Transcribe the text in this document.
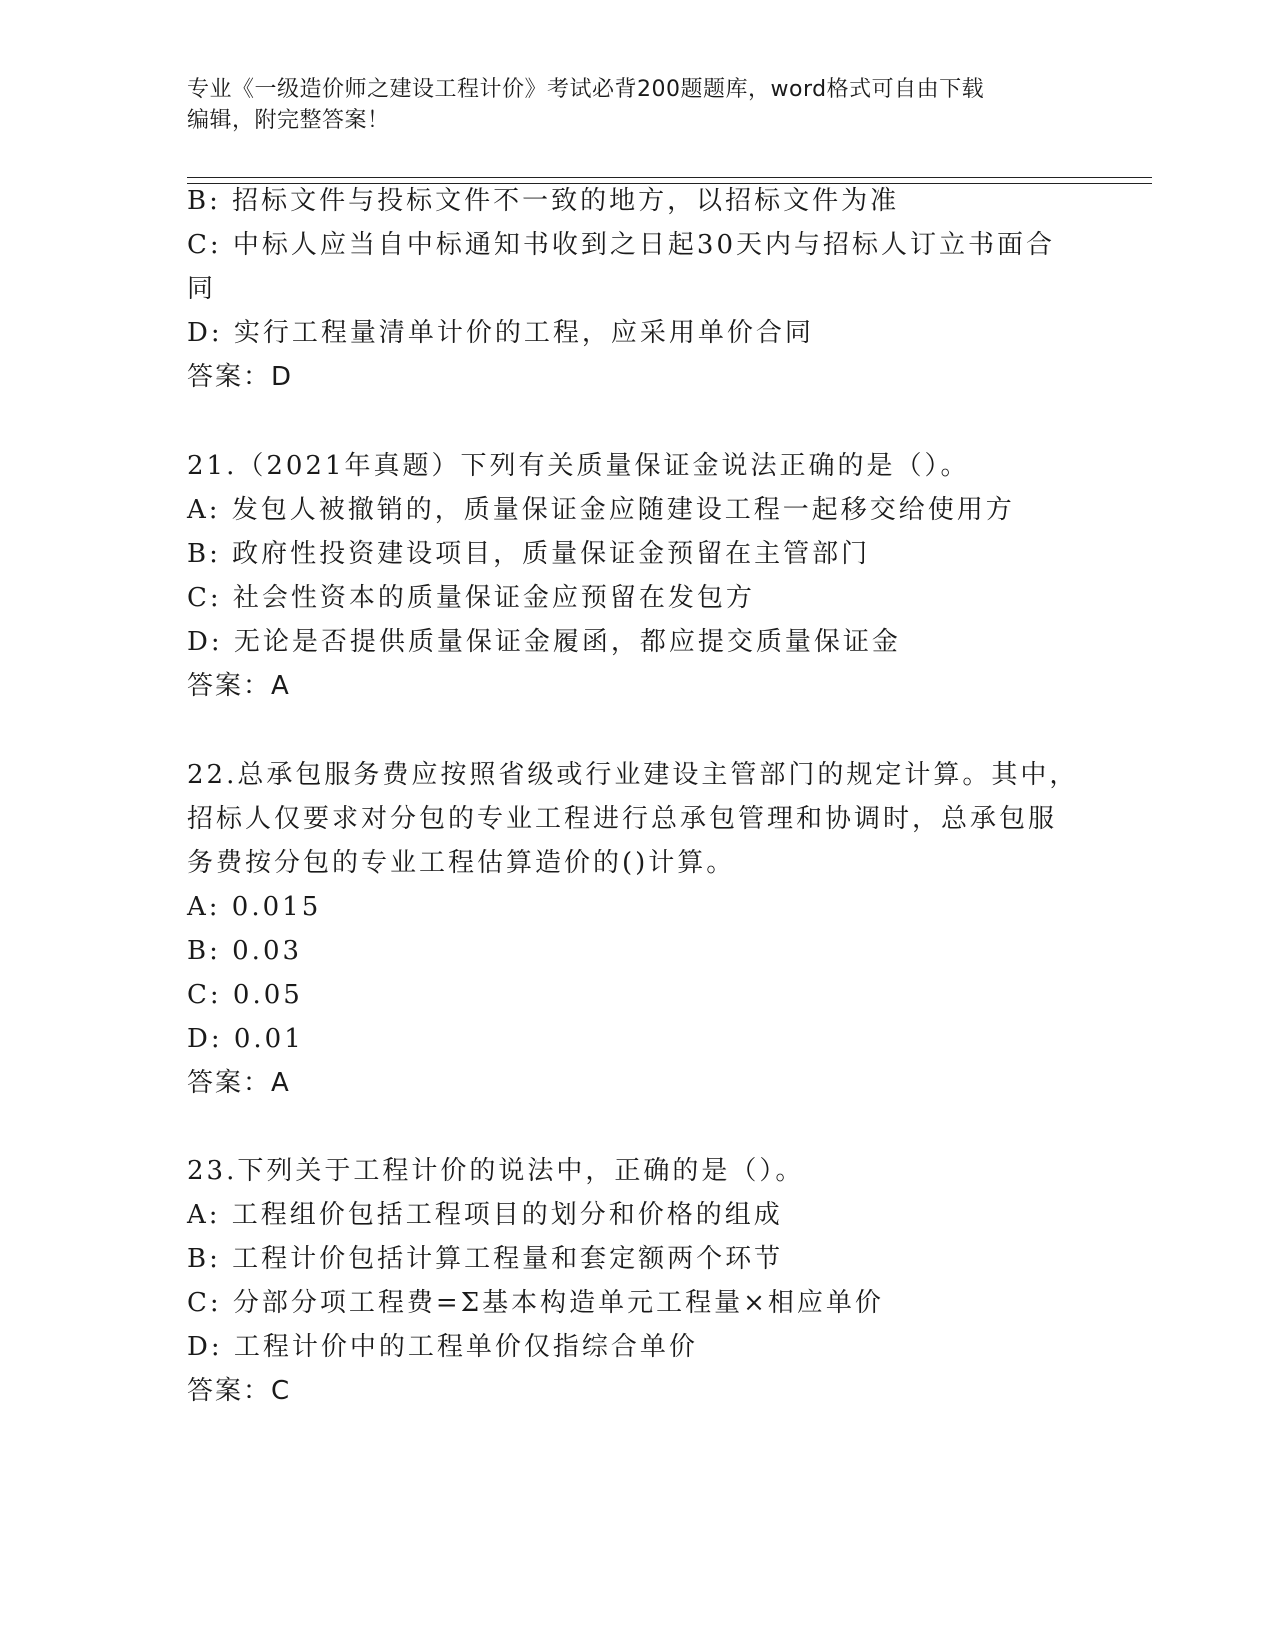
专业《一级造价师之建设工程计价》考试必背200题题库，word格式可自由下载
编辑，附完整答案！
B: 招标文件与投标文件不一致的地方，以招标文件为准
C: 中标人应当自中标通知书收到之日起30天内与招标人订立书面合
同
D: 实行工程量清单计价的工程，应采用单价合同
答案：D
21.（2021年真题）下列有关质量保证金说法正确的是（）。
A: 发包人被撤销的，质量保证金应随建设工程一起移交给使用方
B: 政府性投资建设项目，质量保证金预留在主管部门
C: 社会性资本的质量保证金应预留在发包方
D: 无论是否提供质量保证金履函，都应提交质量保证金
答案：A
22.总承包服务费应按照省级或行业建设主管部门的规定计算。其中，
招标人仅要求对分包的专业工程进行总承包管理和协调时，总承包服
务费按分包的专业工程估算造价的()计算。
A: 0.015
B: 0.03
C: 0.05
D: 0.01
答案：A
23.下列关于工程计价的说法中，正确的是（）。
A: 工程组价包括工程项目的划分和价格的组成
B: 工程计价包括计算工程量和套定额两个环节
C: 分部分项工程费=Σ基本构造单元工程量×相应单价
D: 工程计价中的工程单价仅指综合单价
答案：C
